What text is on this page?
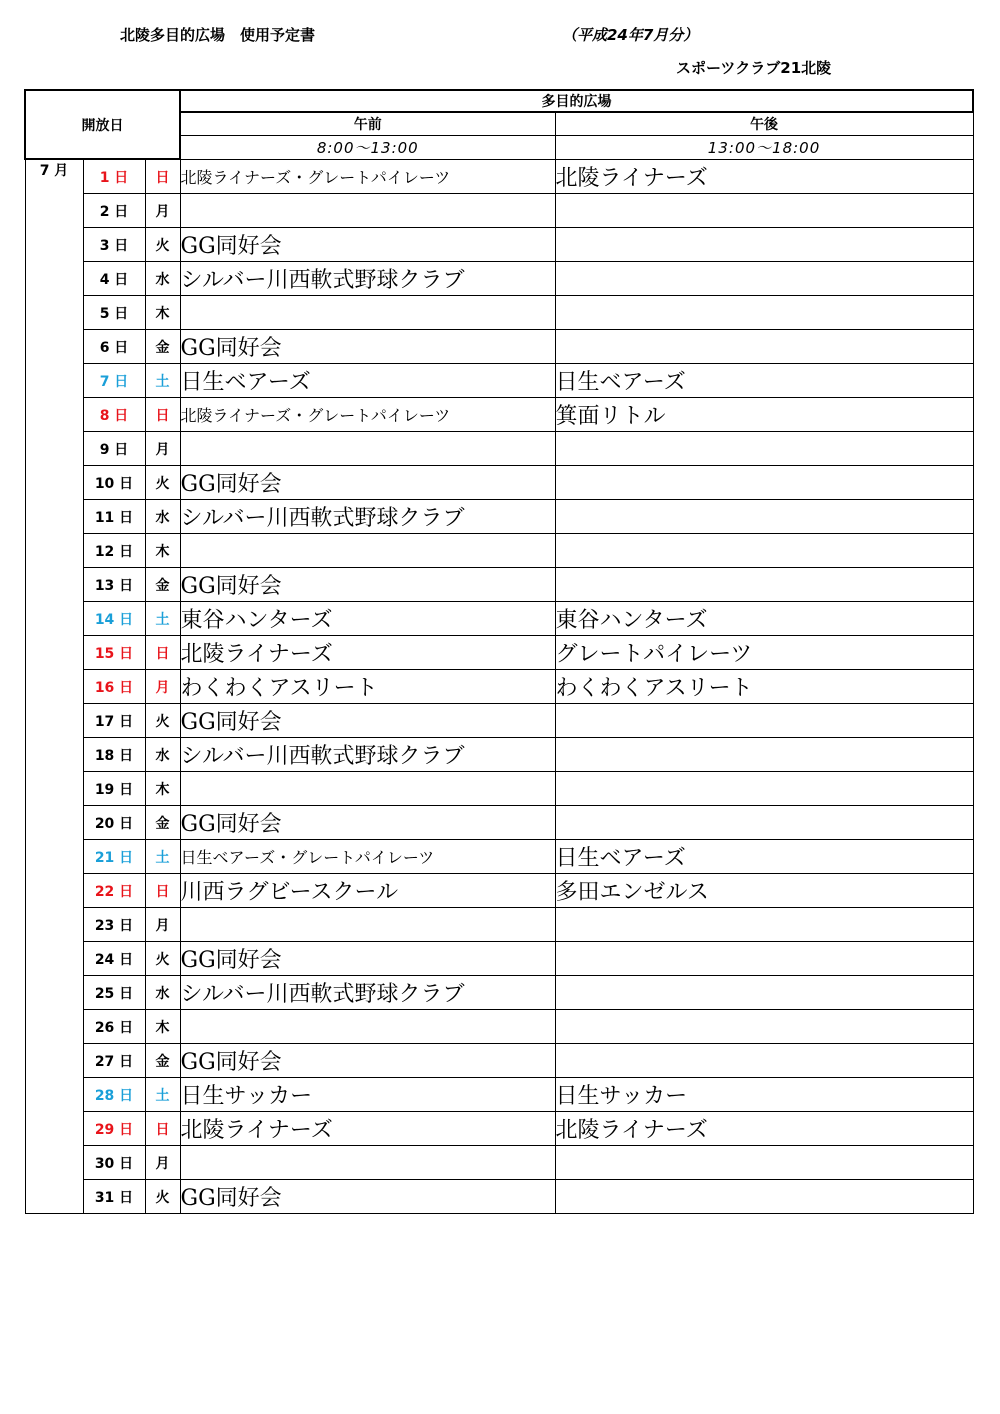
北陵多目的広場　使用予定書	（平成24年7月分）
スポーツクラブ21北陵
開放日			多目的広場	
			午前	午後
			8:00～13:00	13:00～18:00
7 月	1 日	日	北陵ライナーズ・グレートパイレーツ	北陵ライナーズ
	2 日	月		
	3 日	火	GG同好会	
	4 日	水	シルバー川西軟式野球クラブ	
	5 日	木		
	6 日	金	GG同好会	
	7 日	土	日生ベアーズ	日生ベアーズ
	8 日	日	北陵ライナーズ・グレートパイレーツ	箕面リトル
	9 日	月		
	10 日	火	GG同好会	
	11 日	水	シルバー川西軟式野球クラブ	
	12 日	木		
	13 日	金	GG同好会	
	14 日	土	東谷ハンターズ	東谷ハンターズ
	15 日	日	北陵ライナーズ	グレートパイレーツ
	16 日	月	わくわくアスリート	わくわくアスリート
	17 日	火	GG同好会	
	18 日	水	シルバー川西軟式野球クラブ	
	19 日	木		
	20 日	金	GG同好会	
	21 日	土	日生ベアーズ・グレートパイレーツ	日生ベアーズ
	22 日	日	川西ラグビースクール	多田エンゼルス
	23 日	月		
	24 日	火	GG同好会	
	25 日	水	シルバー川西軟式野球クラブ	
	26 日	木		
	27 日	金	GG同好会	
	28 日	土	日生サッカー	日生サッカー
	29 日	日	北陵ライナーズ	北陵ライナーズ
	30 日	月		
	31 日	火	GG同好会	
